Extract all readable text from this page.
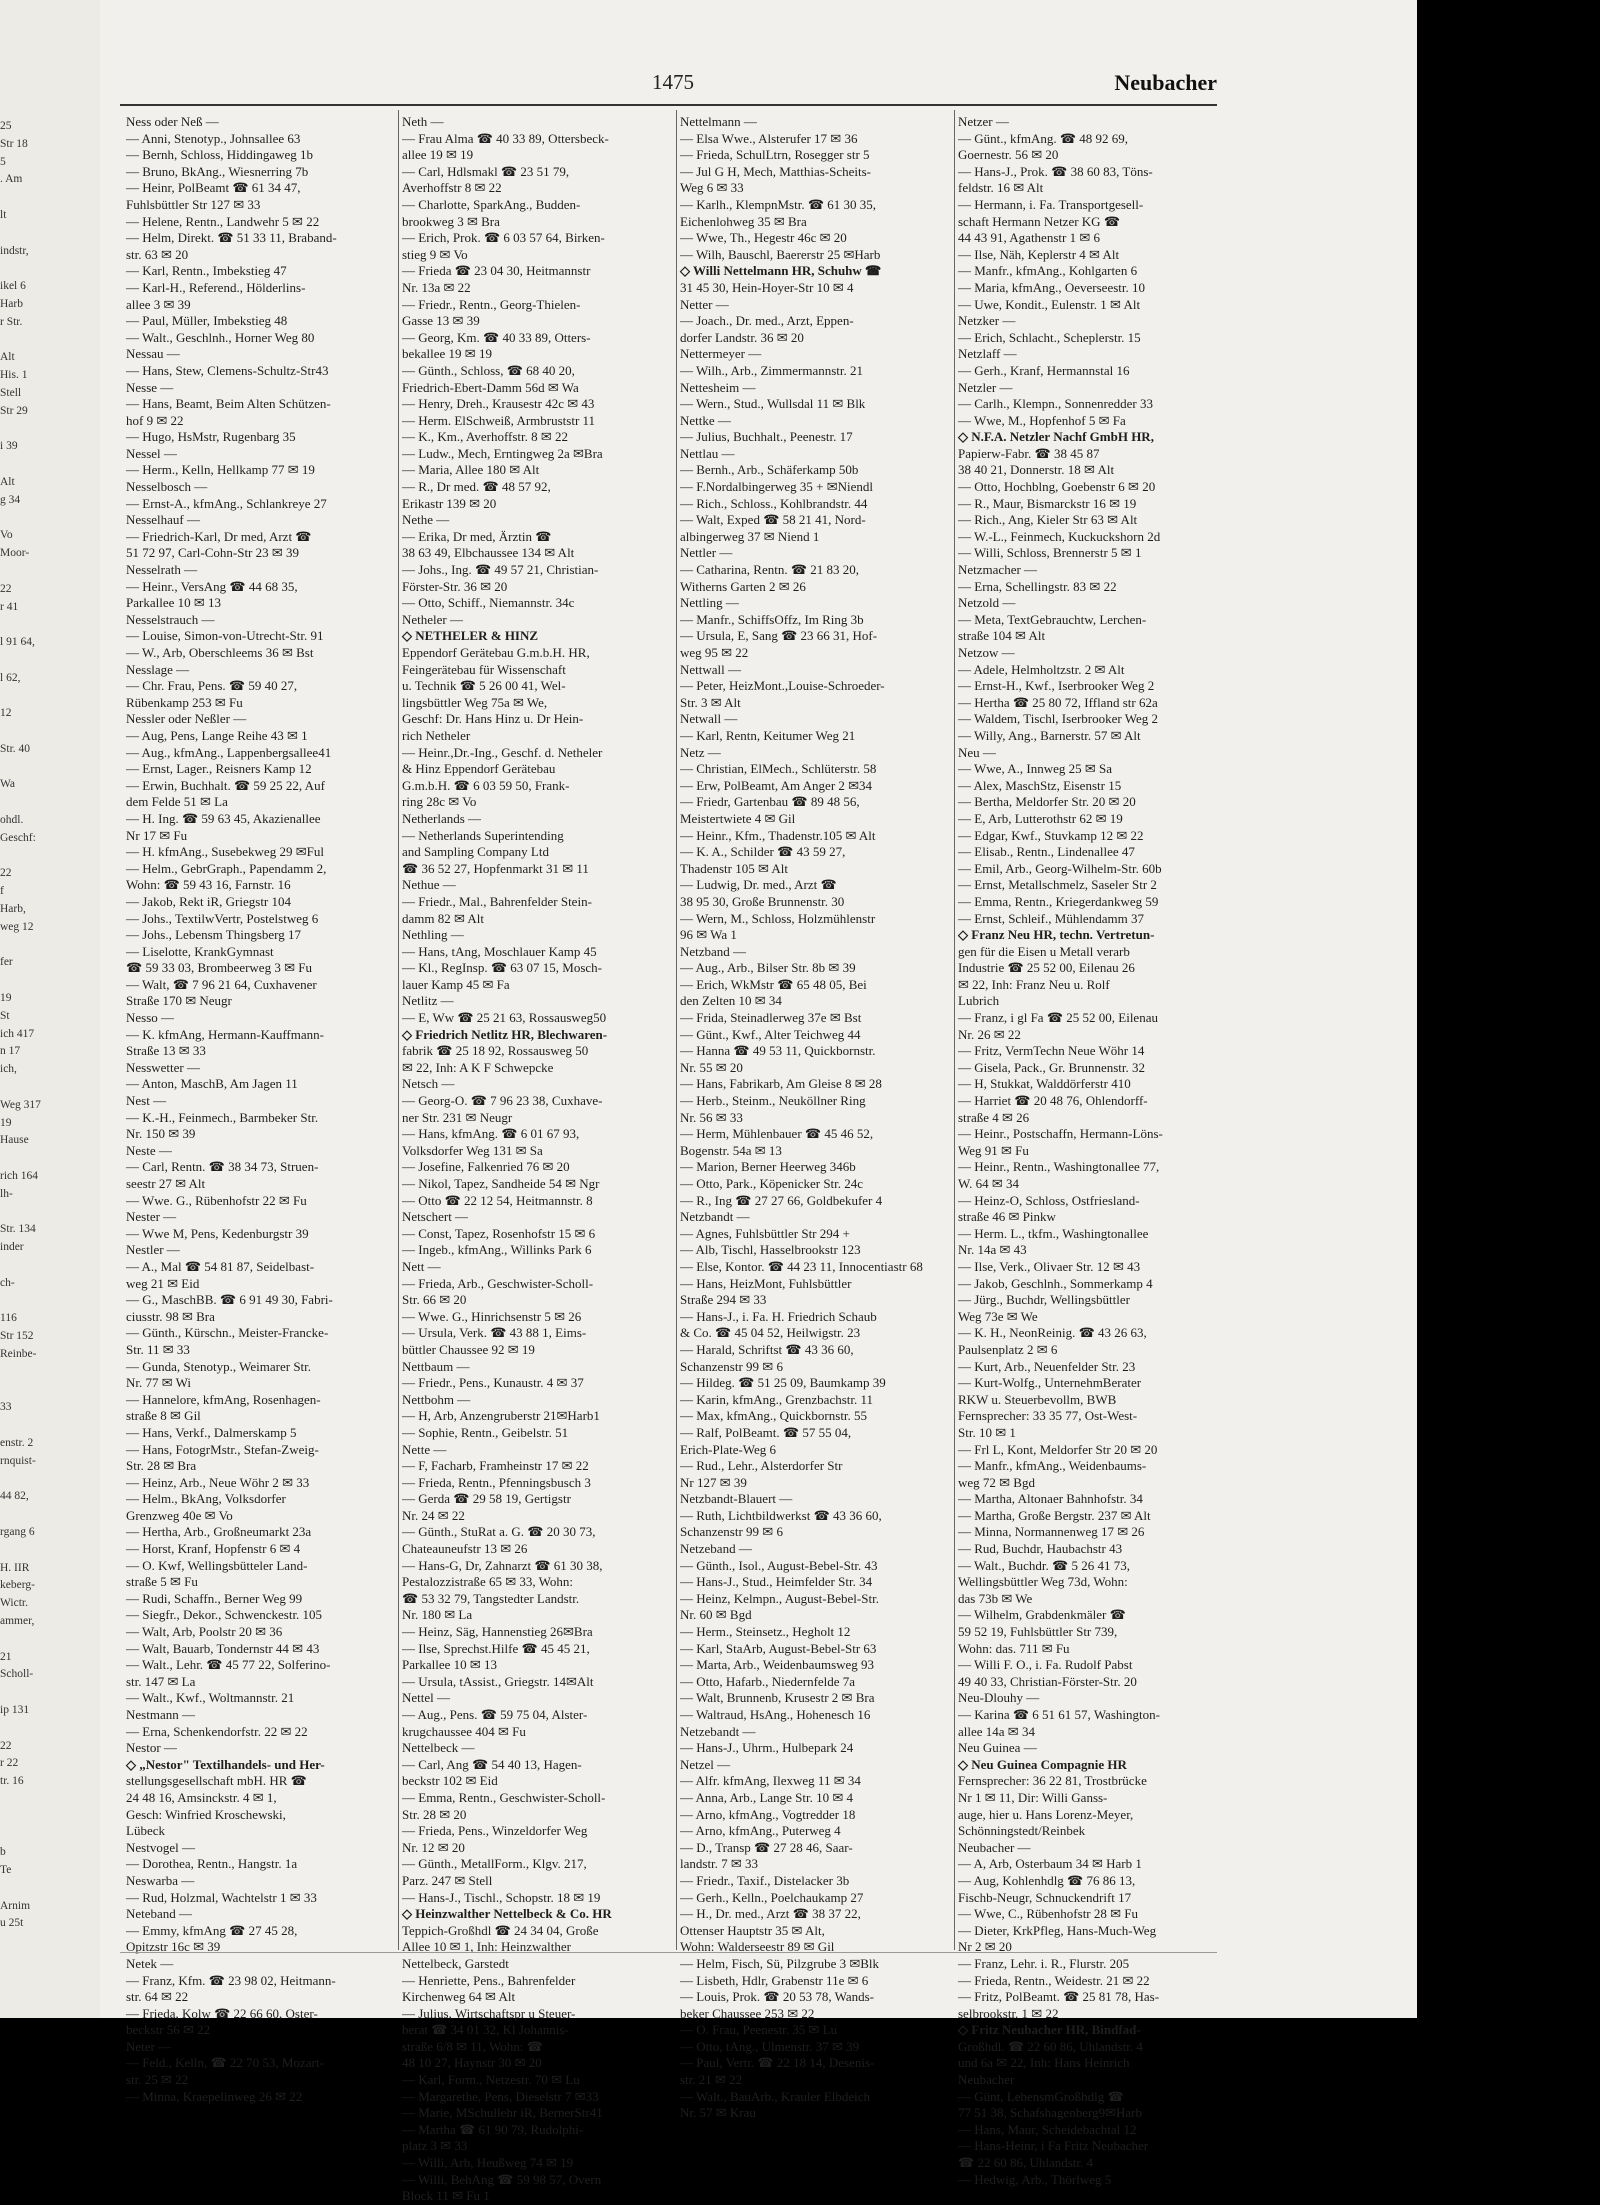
25
Str 18
5
. Am
lt
indstr,
ikel 6
Harb
r Str.
Alt
His. 1
Stell
Str 29
i 39
Alt
g 34
Vo
Moor-
22
r 41
l 91 64,
l 62,
12
Str. 40
Wa
ohdl.
Geschf:
22
f
Harb,
weg 12
fer
19
St
ich 417
n 17
ich,
Weg 317
19
Hause
rich 164
lh-
Str. 134
inder
ch-
116
Str 152
Reinbe-
33
enstr. 2
rnquist-
44 82,
rgang 6
H. IIR
keberg-
Wictr.
ammer,
21
Scholl-
ip 131
22
r 22
tr. 16
b
Te
Arnim
u 25t
1475	Neubacher
Ness oder Neß —
— Anni, Stenotyp., Johnsallee 63
— Bernh, Schloss, Hiddingaweg 1b
— Bruno, BkAng., Wiesnerring 7b
— Heinr, PolBeamt ☎ 61 34 47,
Fuhlsbüttler Str 127 ✉ 33
— Helene, Rentn., Landwehr 5 ✉ 22
— Helm, Direkt. ☎ 51 33 11, Braband-
str. 63 ✉ 20
— Karl, Rentn., Imbekstieg 47
— Karl-H., Referend., Hölderlins-
allee 3 ✉ 39
— Paul, Müller, Imbekstieg 48
— Walt., Geschlnh., Horner Weg 80
Nessau —
— Hans, Stew, Clemens-Schultz-Str43
Nesse —
— Hans, Beamt, Beim Alten Schützen-
hof 9 ✉ 22
— Hugo, HsMstr, Rugenbarg 35
Nessel —
— Herm., Kelln, Hellkamp 77 ✉ 19
Nesselbosch —
— Ernst-A., kfmAng., Schlankreye 27
Nesselhauf —
— Friedrich-Karl, Dr med, Arzt ☎
51 72 97, Carl-Cohn-Str 23 ✉ 39
Nesselrath —
— Heinr., VersAng ☎ 44 68 35,
Parkallee 10 ✉ 13
Nesselstrauch —
— Louise, Simon-von-Utrecht-Str. 91
— W., Arb, Oberschleems 36 ✉ Bst
Nesslage —
— Chr. Frau, Pens. ☎ 59 40 27,
Rübenkamp 253 ✉ Fu
Nessler oder Neßler —
— Aug, Pens, Lange Reihe 43 ✉ 1
— Aug., kfmAng., Lappenbergsallee41
— Ernst, Lager., Reisners Kamp 12
— Erwin, Buchhalt. ☎ 59 25 22, Auf
dem Felde 51 ✉ La
— H. Ing. ☎ 59 63 45, Akazienallee
Nr 17 ✉ Fu
— H. kfmAng., Susebekweg 29 ✉Ful
— Helm., GebrGraph., Papendamm 2,
Wohn: ☎ 59 43 16, Farnstr. 16
— Jakob, Rekt iR, Griegstr 104
— Johs., TextilwVertr, Postelstweg 6
— Johs., Lebensm Thingsberg 17
— Liselotte, KrankGymnast
☎ 59 33 03, Brombeerweg 3 ✉ Fu
— Walt, ☎ 7 96 21 64, Cuxhavener
Straße 170 ✉ Neugr
Nesso —
— K. kfmAng, Hermann-Kauffmann-
Straße 13 ✉ 33
Nesswetter —
— Anton, MaschB, Am Jagen 11
Nest —
— K.-H., Feinmech., Barmbeker Str.
Nr. 150 ✉ 39
Neste —
— Carl, Rentn. ☎ 38 34 73, Struen-
seestr 27 ✉ Alt
— Wwe. G., Rübenhofstr 22 ✉ Fu
Nester —
— Wwe M, Pens, Kedenburgstr 39
Nestler —
— A., Mal ☎ 54 81 87, Seidelbast-
weg 21 ✉ Eid
— G., MaschBB. ☎ 6 91 49 30, Fabri-
ciusstr. 98 ✉ Bra
— Günth., Kürschn., Meister-Francke-
Str. 11 ✉ 33
— Gunda, Stenotyp., Weimarer Str.
Nr. 77 ✉ Wi
— Hannelore, kfmAng, Rosenhagen-
straße 8 ✉ Gil
— Hans, Verkf., Dalmerskamp 5
— Hans, FotogrMstr., Stefan-Zweig-
Str. 28 ✉ Bra
— Heinz, Arb., Neue Wöhr 2 ✉ 33
— Helm., BkAng, Volksdorfer
Grenzweg 40e ✉ Vo
— Hertha, Arb., Großneumarkt 23a
— Horst, Kranf, Hopfenstr 6 ✉ 4
— O. Kwf, Wellingsbütteler Land-
straße 5 ✉ Fu
— Rudi, Schaffn., Berner Weg 99
— Siegfr., Dekor., Schwenckestr. 105
— Walt, Arb, Poolstr 20 ✉ 36
— Walt, Bauarb, Tondernstr 44 ✉ 43
— Walt., Lehr. ☎ 45 77 22, Solferino-
str. 147 ✉ La
— Walt., Kwf., Woltmannstr. 21
Nestmann —
— Erna, Schenkendorfstr. 22 ✉ 22
Nestor —
◇ „Nestor" Textilhandels- und Her-
stellungsgesellschaft mbH. HR ☎
24 48 16, Amsinckstr. 4 ✉ 1,
Gesch: Winfried Kroschewski,
Lübeck
Nestvogel —
— Dorothea, Rentn., Hangstr. 1a
Neswarba —
— Rud, Holzmal, Wachtelstr 1 ✉ 33
Neteband —
— Emmy, kfmAng ☎ 27 45 28,
Opitzstr 16c ✉ 39
Netek —
— Franz, Kfm. ☎ 23 98 02, Heitmann-
str. 64 ✉ 22
— Frieda, Kolw ☎ 22 66 60, Oster-
beckstr 56 ✉ 22
Neter —
— Feld., Kelln, ☎ 22 70 53, Mozart-
str. 25 ✉ 22
— Minna, Kraepelinweg 26 ✉ 22
Neth —
— Frau Alma ☎ 40 33 89, Ottersbeck-
allee 19 ✉ 19
— Carl, Hdlsmakl ☎ 23 51 79,
Averhoffstr 8 ✉ 22
— Charlotte, SparkAng., Budden-
brookweg 3 ✉ Bra
— Erich, Prok. ☎ 6 03 57 64, Birken-
stieg 9 ✉ Vo
— Frieda ☎ 23 04 30, Heitmannstr
Nr. 13a ✉ 22
— Friedr., Rentn., Georg-Thielen-
Gasse 13 ✉ 39
— Georg, Km. ☎ 40 33 89, Otters-
bekallee 19 ✉ 19
— Günth., Schloss, ☎ 68 40 20,
Friedrich-Ebert-Damm 56d ✉ Wa
— Henry, Dreh., Krausestr 42c ✉ 43
— Herm. ElSchweiß, Armbruststr 11
— K., Km., Averhoffstr. 8 ✉ 22
— Ludw., Mech, Erntingweg 2a ✉Bra
— Maria, Allee 180 ✉ Alt
— R., Dr med. ☎ 48 57 92,
Erikastr 139 ✉ 20
Nethe —
— Erika, Dr med, Ärztin ☎
38 63 49, Elbchaussee 134 ✉ Alt
— Johs., Ing. ☎ 49 57 21, Christian-
Förster-Str. 36 ✉ 20
— Otto, Schiff., Niemannstr. 34c
Netheler —
◇ NETHELER & HINZ
Eppendorf Gerätebau G.m.b.H. HR,
Feingerätebau für Wissenschaft
u. Technik ☎ 5 26 00 41, Wel-
lingsbüttler Weg 75a ✉ We,
Geschf: Dr. Hans Hinz u. Dr Hein-
rich Netheler
— Heinr.,Dr.-Ing., Geschf. d. Netheler
& Hinz Eppendorf Gerätebau
G.m.b.H. ☎ 6 03 59 50, Frank-
ring 28c ✉ Vo
Netherlands —
— Netherlands Superintending
and Sampling Company Ltd
☎ 36 52 27, Hopfenmarkt 31 ✉ 11
Nethue —
— Friedr., Mal., Bahrenfelder Stein-
damm 82 ✉ Alt
Nethling —
— Hans, tAng, Moschlauer Kamp 45
— Kl., RegInsp. ☎ 63 07 15, Mosch-
lauer Kamp 45 ✉ Fa
Netlitz —
— E, Ww ☎ 25 21 63, Rossausweg50
◇ Friedrich Netlitz HR, Blechwaren-
fabrik ☎ 25 18 92, Rossausweg 50
✉ 22, Inh: A K F Schwepcke
Netsch —
— Georg-O. ☎ 7 96 23 38, Cuxhave-
ner Str. 231 ✉ Neugr
— Hans, kfmAng. ☎ 6 01 67 93,
Volksdorfer Weg 131 ✉ Sa
— Josefine, Falkenried 76 ✉ 20
— Nikol, Tapez, Sandheide 54 ✉ Ngr
— Otto ☎ 22 12 54, Heitmannstr. 8
Netschert —
— Const, Tapez, Rosenhofstr 15 ✉ 6
— Ingeb., kfmAng., Willinks Park 6
Nett —
— Frieda, Arb., Geschwister-Scholl-
Str. 66 ✉ 20
— Wwe. G., Hinrichsenstr 5 ✉ 26
— Ursula, Verk. ☎ 43 88 1, Eims-
büttler Chaussee 92 ✉ 19
Nettbaum —
— Friedr., Pens., Kunaustr. 4 ✉ 37
Nettbohm —
— H, Arb, Anzengruberstr 21✉Harb1
— Sophie, Rentn., Geibelstr. 51
Nette —
— F, Facharb, Framheinstr 17 ✉ 22
— Frieda, Rentn., Pfenningsbusch 3
— Gerda ☎ 29 58 19, Gertigstr
Nr. 24 ✉ 22
— Günth., StuRat a. G. ☎ 20 30 73,
Chateauneufstr 13 ✉ 26
— Hans-G, Dr, Zahnarzt ☎ 61 30 38,
Pestalozzistraße 65 ✉ 33, Wohn:
☎ 53 32 79, Tangstedter Landstr.
Nr. 180 ✉ La
— Heinz, Säg, Hannenstieg 26✉Bra
— Ilse, Sprechst.Hilfe ☎ 45 45 21,
Parkallee 10 ✉ 13
— Ursula, tAssist., Griegstr. 14✉Alt
Nettel —
— Aug., Pens. ☎ 59 75 04, Alster-
krugchaussee 404 ✉ Fu
Nettelbeck —
— Carl, Ang ☎ 54 40 13, Hagen-
beckstr 102 ✉ Eid
— Emma, Rentn., Geschwister-Scholl-
Str. 28 ✉ 20
— Frieda, Pens., Winzeldorfer Weg
Nr. 12 ✉ 20
— Günth., MetallForm., Klgv. 217,
Parz. 247 ✉ Stell
— Hans-J., Tischl., Schopstr. 18 ✉ 19
◇ Heinzwalther Nettelbeck & Co. HR
Teppich-Großhdl ☎ 24 34 04, Große
Allee 10 ✉ 1, Inh: Heinzwalther
Nettelbeck, Garstedt
— Henriette, Pens., Bahrenfelder
Kirchenweg 64 ✉ Alt
— Julius, Wirtschaftspr u Steuer-
berat ☎ 34 01 32, Kl Johannis-
straße 6/8 ✉ 11, Wohn: ☎
48 10 27, Haynstr 30 ✉ 20
— Karl, Form., Netzestr. 70 ✉ Lu
— Margarethe, Pens, Dieselstr 7 ✉33
— Marie, MSchullehr iR, BernerStr41
— Martha ☎ 61 90 79, Rudolphi-
platz 3 ✉ 33
— Willi, Arb, Heußweg 74 ✉ 19
— Willi, BehAng ☎ 59 98 57, Overn
Block 11 ✉ Fu 1
Nettelmann —
— Elsa Wwe., Alsterufer 17 ✉ 36
— Frieda, SchulLtrn, Rosegger str 5
— Jul G H, Mech, Matthias-Scheits-
Weg 6 ✉ 33
— Karlh., KlempnMstr. ☎ 61 30 35,
Eichenlohweg 35 ✉ Bra
— Wwe, Th., Hegestr 46c ✉ 20
— Wilh, Bauschl, Baererstr 25 ✉Harb
◇ Willi Nettelmann HR, Schuhw ☎
31 45 30, Hein-Hoyer-Str 10 ✉ 4
Netter —
— Joach., Dr. med., Arzt, Eppen-
dorfer Landstr. 36 ✉ 20
Nettermeyer —
— Wilh., Arb., Zimmermannstr. 21
Nettesheim —
— Wern., Stud., Wullsdal 11 ✉ Blk
Nettke —
— Julius, Buchhalt., Peenestr. 17
Nettlau —
— Bernh., Arb., Schäferkamp 50b
— F.Nordalbingerweg 35 + ✉Niendl
— Rich., Schloss., Kohlbrandstr. 44
— Walt, Exped ☎ 58 21 41, Nord-
albingerweg 37 ✉ Niend 1
Nettler —
— Catharina, Rentn. ☎ 21 83 20,
Witherns Garten 2 ✉ 26
Nettling —
— Manfr., SchiffsOffz, Im Ring 3b
— Ursula, E, Sang ☎ 23 66 31, Hof-
weg 95 ✉ 22
Nettwall —
— Peter, HeizMont.,Louise-Schroeder-
Str. 3 ✉ Alt
Netwall —
— Karl, Rentn, Keitumer Weg 21
Netz —
— Christian, ElMech., Schlüterstr. 58
— Erw, PolBeamt, Am Anger 2 ✉34
— Friedr, Gartenbau ☎ 89 48 56,
Meistertwiete 4 ✉ Gil
— Heinr., Kfm., Thadenstr.105 ✉ Alt
— K. A., Schilder ☎ 43 59 27,
Thadenstr 105 ✉ Alt
— Ludwig, Dr. med., Arzt ☎
38 95 30, Große Brunnenstr. 30
— Wern, M., Schloss, Holzmühlenstr
96 ✉ Wa 1
Netzband —
— Aug., Arb., Bilser Str. 8b ✉ 39
— Erich, WkMstr ☎ 65 48 05, Bei
den Zelten 10 ✉ 34
— Frida, Steinadlerweg 37e ✉ Bst
— Günt., Kwf., Alter Teichweg 44
— Hanna ☎ 49 53 11, Quickbornstr.
Nr. 55 ✉ 20
— Hans, Fabrikarb, Am Gleise 8 ✉ 28
— Herb., Steinm., Neuköllner Ring
Nr. 56 ✉ 33
— Herm, Mühlenbauer ☎ 45 46 52,
Bogenstr. 54a ✉ 13
— Marion, Berner Heerweg 346b
— Otto, Park., Köpenicker Str. 24c
— R., Ing ☎ 27 27 66, Goldbekufer 4
Netzbandt —
— Agnes, Fuhlsbüttler Str 294 +
— Alb, Tischl, Hasselbrookstr 123
— Else, Kontor. ☎ 44 23 11, Innocentiastr 68
— Hans, HeizMont, Fuhlsbüttler
Straße 294 ✉ 33
— Hans-J., i. Fa. H. Friedrich Schaub
& Co. ☎ 45 04 52, Heilwigstr. 23
— Harald, Schriftst ☎ 43 36 60,
Schanzenstr 99 ✉ 6
— Hildeg. ☎ 51 25 09, Baumkamp 39
— Karin, kfmAng., Grenzbachstr. 11
— Max, kfmAng., Quickbornstr. 55
— Ralf, PolBeamt. ☎ 57 55 04,
Erich-Plate-Weg 6
— Rud., Lehr., Alsterdorfer Str
Nr 127 ✉ 39
Netzbandt-Blauert —
— Ruth, Lichtbildwerkst ☎ 43 36 60,
Schanzenstr 99 ✉ 6
Netzeband —
— Günth., Isol., August-Bebel-Str. 43
— Hans-J., Stud., Heimfelder Str. 34
— Heinz, Kelmpn., August-Bebel-Str.
Nr. 60 ✉ Bgd
— Herm., Steinsetz., Hegholt 12
— Karl, StaArb, August-Bebel-Str 63
— Marta, Arb., Weidenbaumsweg 93
— Otto, Hafarb., Niedernfelde 7a
— Walt, Brunnenb, Krusestr 2 ✉ Bra
— Waltraud, HsAng., Hohenesch 16
Netzebandt —
— Hans-J., Uhrm., Hulbepark 24
Netzel —
— Alfr. kfmAng, Ilexweg 11 ✉ 34
— Anna, Arb., Lange Str. 10 ✉ 4
— Arno, kfmAng., Vogtredder 18
— Arno, kfmAng., Puterweg 4
— D., Transp ☎ 27 28 46, Saar-
landstr. 7 ✉ 33
— Friedr., Taxif., Distelacker 3b
— Gerh., Kelln., Poelchaukamp 27
— H., Dr. med., Arzt ☎ 38 37 22,
Ottenser Hauptstr 35 ✉ Alt,
Wohn: Walderseestr 89 ✉ Gil
— Helm, Fisch, Sü, Pilzgrube 3 ✉Blk
— Lisbeth, Hdlr, Grabenstr 11e ✉ 6
— Louis, Prok. ☎ 20 53 78, Wands-
beker Chaussee 253 ✉ 22
— O. Frau, Peenestr. 35 ✉ Lu
— Otto, tAng., Ulmenstr. 37 ✉ 39
— Paul, Vertr. ☎ 22 18 14, Desenis-
str. 21 ✉ 22
— Walt., BauArb., Krauler Elbdeich
Nr. 57 ✉ Krau
Netzer —
— Günt., kfmAng. ☎ 48 92 69,
Goernestr. 56 ✉ 20
— Hans-J., Prok. ☎ 38 60 83, Töns-
feldstr. 16 ✉ Alt
— Hermann, i. Fa. Transportgesell-
schaft Hermann Netzer KG ☎
44 43 91, Agathenstr 1 ✉ 6
— Ilse, Näh, Keplerstr 4 ✉ Alt
— Manfr., kfmAng., Kohlgarten 6
— Maria, kfmAng., Oeverseestr. 10
— Uwe, Kondit., Eulenstr. 1 ✉ Alt
Netzker —
— Erich, Schlacht., Scheplerstr. 15
Netzlaff —
— Gerh., Kranf, Hermannstal 16
Netzler —
— Carlh., Klempn., Sonnenredder 33
— Wwe, M., Hopfenhof 5 ✉ Fa
◇ N.F.A. Netzler Nachf GmbH HR,
Papierw-Fabr. ☎ 38 45 87
38 40 21, Donnerstr. 18 ✉ Alt
— Otto, Hochblng, Goebenstr 6 ✉ 20
— R., Maur, Bismarckstr 16 ✉ 19
— Rich., Ang, Kieler Str 63 ✉ Alt
— W.-L., Feinmech, Kuckuckshorn 2d
— Willi, Schloss, Brennerstr 5 ✉ 1
Netzmacher —
— Erna, Schellingstr. 83 ✉ 22
Netzold —
— Meta, TextGebrauchtw, Lerchen-
straße 104 ✉ Alt
Netzow —
— Adele, Helmholtzstr. 2 ✉ Alt
— Ernst-H., Kwf., Iserbrooker Weg 2
— Hertha ☎ 25 80 72, Iffland str 62a
— Waldem, Tischl, Iserbrooker Weg 2
— Willy, Ang., Barnerstr. 57 ✉ Alt
Neu —
— Wwe, A., Innweg 25 ✉ Sa
— Alex, MaschStz, Eisenstr 15
— Bertha, Meldorfer Str. 20 ✉ 20
— E, Arb, Lutterothstr 62 ✉ 19
— Edgar, Kwf., Stuvkamp 12 ✉ 22
— Elisab., Rentn., Lindenallee 47
— Emil, Arb., Georg-Wilhelm-Str. 60b
— Ernst, Metallschmelz, Saseler Str 2
— Emma, Rentn., Kriegerdankweg 59
— Ernst, Schleif., Mühlendamm 37
◇ Franz Neu HR, techn. Vertretun-
gen für die Eisen u Metall verarb
Industrie ☎ 25 52 00, Eilenau 26
✉ 22, Inh: Franz Neu u. Rolf
Lubrich
— Franz, i gl Fa ☎ 25 52 00, Eilenau
Nr. 26 ✉ 22
— Fritz, VermTechn Neue Wöhr 14
— Gisela, Pack., Gr. Brunnenstr. 32
— H, Stukkat, Walddörferstr 410
— Harriet ☎ 20 48 76, Ohlendorff-
straße 4 ✉ 26
— Heinr., Postschaffn, Hermann-Löns-
Weg 91 ✉ Fu
— Heinr., Rentn., Washingtonallee 77,
W. 64 ✉ 34
— Heinz-O, Schloss, Ostfriesland-
straße 46 ✉ Pinkw
— Herm. L., tkfm., Washingtonallee
Nr. 14a ✉ 43
— Ilse, Verk., Olivaer Str. 12 ✉ 43
— Jakob, Geschlnh., Sommerkamp 4
— Jürg., Buchdr, Wellingsbüttler
Weg 73e ✉ We
— K. H., NeonReinig. ☎ 43 26 63,
Paulsenplatz 2 ✉ 6
— Kurt, Arb., Neuenfelder Str. 23
— Kurt-Wolfg., UnternehmBerater
RKW u. Steuerbevollm, BWB
Fernsprecher: 33 35 77, Ost-West-
Str. 10 ✉ 1
— Frl L, Kont, Meldorfer Str 20 ✉ 20
— Manfr., kfmAng., Weidenbaums-
weg 72 ✉ Bgd
— Martha, Altonaer Bahnhofstr. 34
— Martha, Große Bergstr. 237 ✉ Alt
— Minna, Normannenweg 17 ✉ 26
— Rud, Buchdr, Haubachstr 43
— Walt., Buchdr. ☎ 5 26 41 73,
Wellingsbüttler Weg 73d, Wohn:
das 73b ✉ We
— Wilhelm, Grabdenkmäler ☎
59 52 19, Fuhlsbüttler Str 739,
Wohn: das. 711 ✉ Fu
— Willi F. O., i. Fa. Rudolf Pabst
49 40 33, Christian-Förster-Str. 20
Neu-Dlouhy —
— Karina ☎ 6 51 61 57, Washington-
allee 14a ✉ 34
Neu Guinea —
◇ Neu Guinea Compagnie HR
Fernsprecher: 36 22 81, Trostbrücke
Nr 1 ✉ 11, Dir: Willi Ganss-
auge, hier u. Hans Lorenz-Meyer,
Schönningstedt/Reinbek
Neubacher —
— A, Arb, Osterbaum 34 ✉ Harb 1
— Aug, Kohlenhdlg ☎ 76 86 13,
Fischb-Neugr, Schnuckendrift 17
— Wwe, C., Rübenhofstr 28 ✉ Fu
— Dieter, KrkPfleg, Hans-Much-Weg
Nr 2 ✉ 20
— Franz, Lehr. i. R., Flurstr. 205
— Frieda, Rentn., Weidestr. 21 ✉ 22
— Fritz, PolBeamt. ☎ 25 81 78, Has-
selbrookstr. 1 ✉ 22
◇ Fritz Neubacher HR, Bindfad-
Großhdl. ☎ 22 60 86, Uhlandstr. 4
und 6a ✉ 22, Inh: Hans Heinrich
Neubacher
— Günt, LebensmGroßhdlg ☎
77 51 38, Schafshagenberg9✉Harb
— Hans, Maur, Scheidebachtal 12
— Hans-Heinr, i Fa Fritz Neubacher
☎ 22 60 86, Uhlandstr. 4
— Hedwig, Arb., Thörlweg 5
